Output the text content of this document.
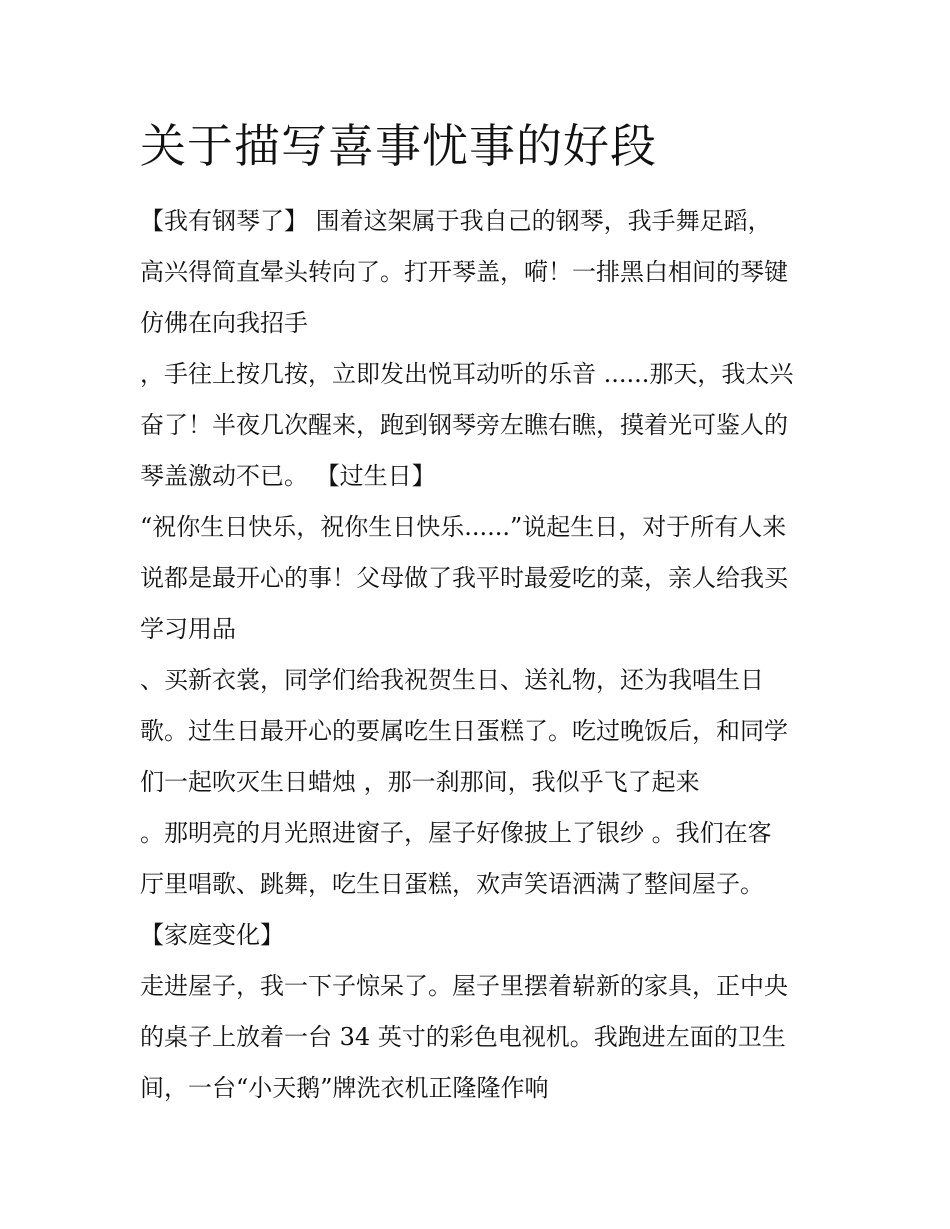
关于描写喜事忧事的好段
【我有钢琴了】 围着这架属于我自己的钢琴，我手舞足蹈，
高兴得简直晕头转向了。打开琴盖，嗬！一排黑白相间的琴键
仿佛在向我招手
，手往上按几按，立即发出悦耳动听的乐音 ......那天，我太兴
奋了！半夜几次醒来，跑到钢琴旁左瞧右瞧，摸着光可鉴人的
琴盖激动不已。 【过生日】
“祝你生日快乐，祝你生日快乐......”说起生日，对于所有人来
说都是最开心的事！父母做了我平时最爱吃的菜，亲人给我买
学习用品
、买新衣裳，同学们给我祝贺生日、送礼物，还为我唱生日
歌。过生日最开心的要属吃生日蛋糕了。吃过晚饭后，和同学
们一起吹灭生日蜡烛 ，那一刹那间，我似乎飞了起来
。那明亮的月光照进窗子，屋子好像披上了银纱 。我们在客
厅里唱歌、跳舞，吃生日蛋糕，欢声笑语洒满了整间屋子。
【家庭变化】
走进屋子，我一下子惊呆了。屋子里摆着崭新的家具，正中央
的桌子上放着一台 34 英寸的彩色电视机。我跑进左面的卫生
间，一台“小天鹅”牌洗衣机正隆隆作响
